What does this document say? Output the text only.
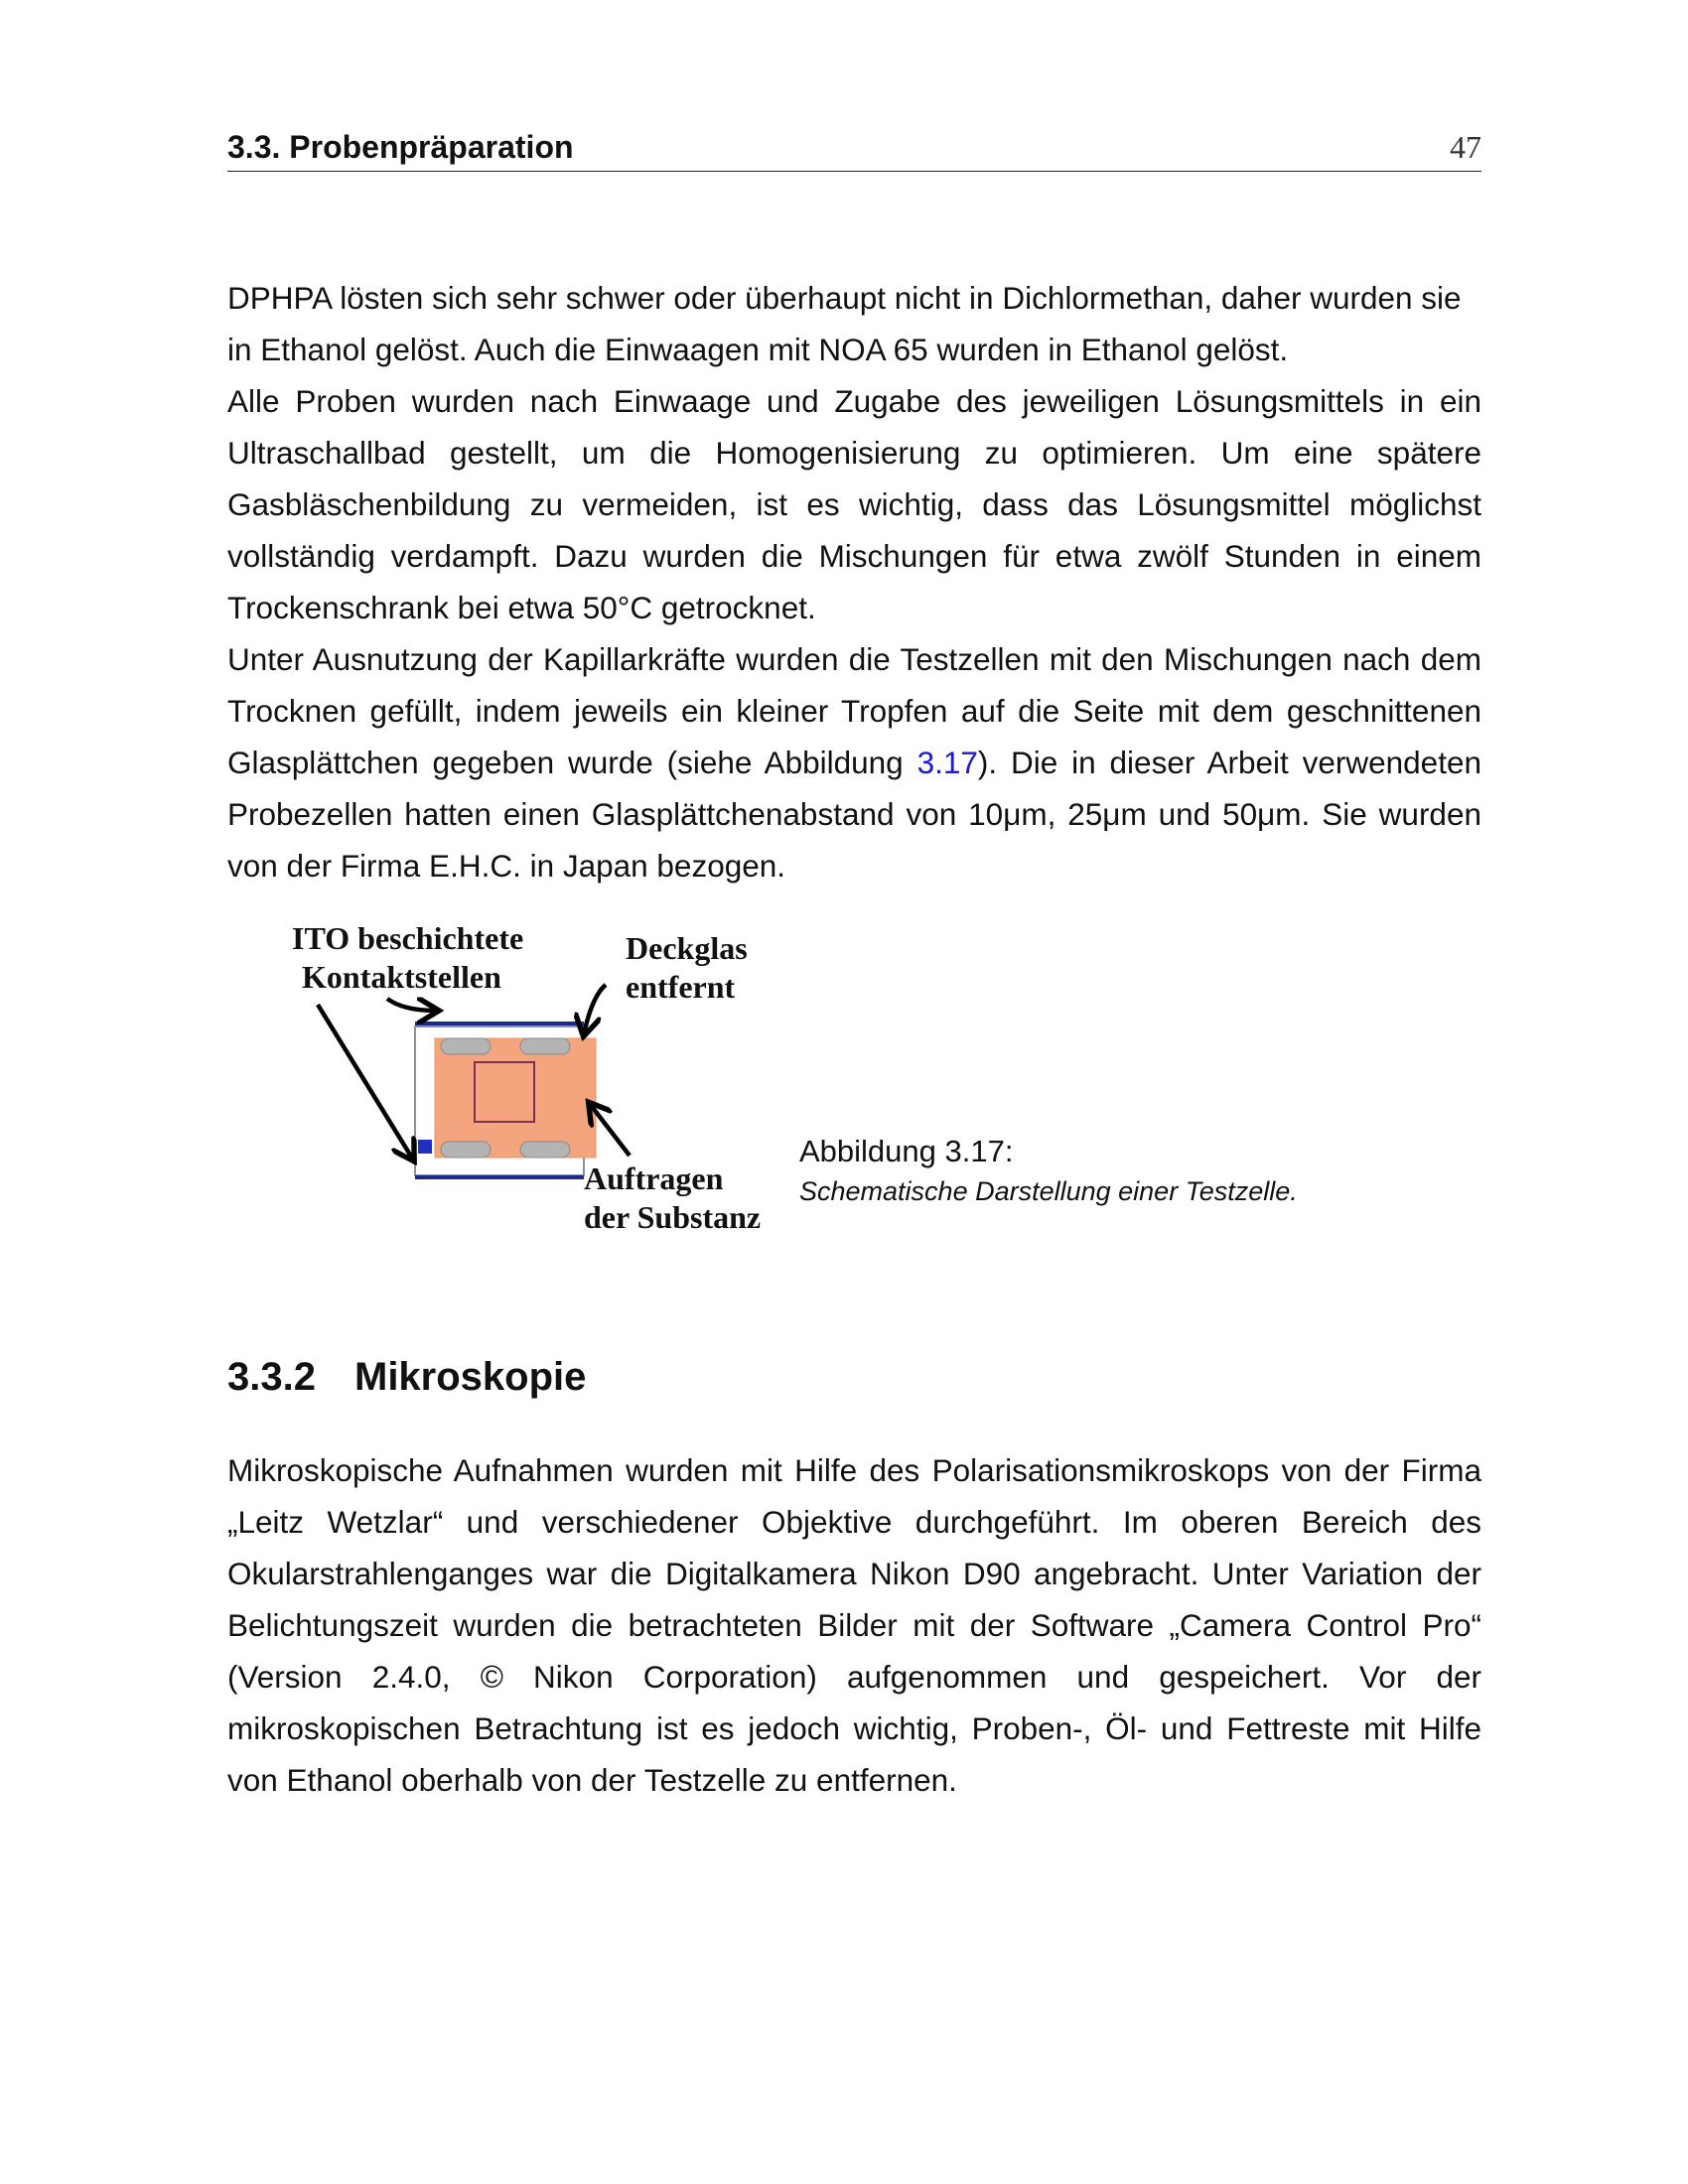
3.3. Probenpräparation	47

DPHPA lösten sich sehr schwer oder überhaupt nicht in Dichlormethan, daher wurden sie in Ethanol gelöst. Auch die Einwaagen mit NOA 65 wurden in Ethanol gelöst.

Alle Proben wurden nach Einwaage und Zugabe des jeweiligen Lösungsmittels in ein Ultraschallbad gestellt, um die Homogenisierung zu optimieren. Um eine spätere Gasbläschenbildung zu vermeiden, ist es wichtig, dass das Lösungsmittel möglichst vollständig verdampft. Dazu wurden die Mischungen für etwa zwölf Stunden in einem Trockenschrank bei etwa 50°C getrocknet.

Unter Ausnutzung der Kapillarkräfte wurden die Testzellen mit den Mischungen nach dem Trocknen gefüllt, indem jeweils ein kleiner Tropfen auf die Seite mit dem geschnittenen Glasplättchen gegeben wurde (siehe Abbildung 3.17). Die in dieser Arbeit verwendeten Probezellen hatten einen Glasplättchenabstand von 10μm, 25μm und 50μm. Sie wurden von der Firma E.H.C. in Japan bezogen.

ITO beschichtete
Kontaktstellen
Deckglas
entfernt
Auftragen
der Substanz
Abbildung 3.17:
Schematische Darstellung einer Testzelle.
3.3.2 Mikroskopie

Mikroskopische Aufnahmen wurden mit Hilfe des Polarisationsmikroskops von der Firma „Leitz Wetzlar“ und verschiedener Objektive durchgeführt. Im oberen Bereich des Okularstrahlenganges war die Digitalkamera Nikon D90 angebracht. Unter Variation der Belichtungszeit wurden die betrachteten Bilder mit der Software „Camera Control Pro“ (Version 2.4.0, © Nikon Corporation) aufgenommen und gespeichert. Vor der mikroskopischen Betrachtung ist es jedoch wichtig, Proben-, Öl- und Fettreste mit Hilfe von Ethanol oberhalb von der Testzelle zu entfernen.
